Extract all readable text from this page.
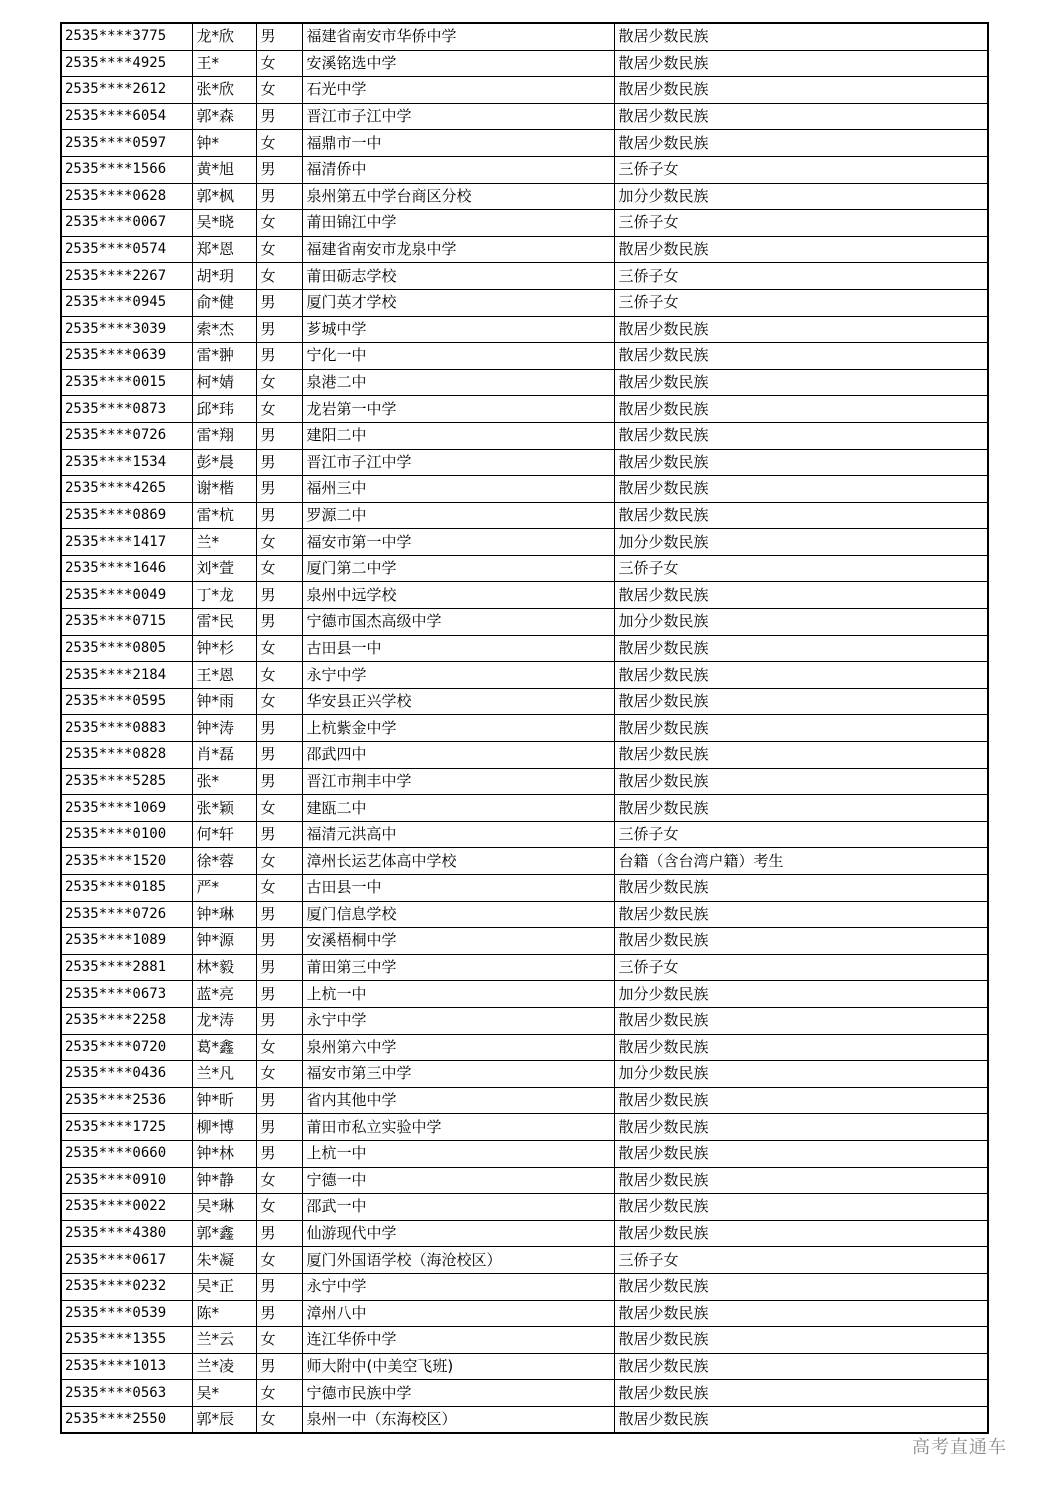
2535****3775	龙*欣	男	福建省南安市华侨中学	散居少数民族
2535****4925	王*	女	安溪铭选中学	散居少数民族
2535****2612	张*欣	女	石光中学	散居少数民族
2535****6054	郭*森	男	晋江市子江中学	散居少数民族
2535****0597	钟*	女	福鼎市一中	散居少数民族
2535****1566	黄*旭	男	福清侨中	三侨子女
2535****0628	郭*枫	男	泉州第五中学台商区分校	加分少数民族
2535****0067	吴*晓	女	莆田锦江中学	三侨子女
2535****0574	郑*恩	女	福建省南安市龙泉中学	散居少数民族
2535****2267	胡*玥	女	莆田砺志学校	三侨子女
2535****0945	俞*健	男	厦门英才学校	三侨子女
2535****3039	索*杰	男	芗城中学	散居少数民族
2535****0639	雷*翀	男	宁化一中	散居少数民族
2535****0015	柯*婧	女	泉港二中	散居少数民族
2535****0873	邱*玮	女	龙岩第一中学	散居少数民族
2535****0726	雷*翔	男	建阳二中	散居少数民族
2535****1534	彭*晨	男	晋江市子江中学	散居少数民族
2535****4265	谢*楷	男	福州三中	散居少数民族
2535****0869	雷*杭	男	罗源二中	散居少数民族
2535****1417	兰*	女	福安市第一中学	加分少数民族
2535****1646	刘*萱	女	厦门第二中学	三侨子女
2535****0049	丁*龙	男	泉州中远学校	散居少数民族
2535****0715	雷*民	男	宁德市国杰高级中学	加分少数民族
2535****0805	钟*杉	女	古田县一中	散居少数民族
2535****2184	王*恩	女	永宁中学	散居少数民族
2535****0595	钟*雨	女	华安县正兴学校	散居少数民族
2535****0883	钟*涛	男	上杭紫金中学	散居少数民族
2535****0828	肖*磊	男	邵武四中	散居少数民族
2535****5285	张*	男	晋江市荆丰中学	散居少数民族
2535****1069	张*颖	女	建瓯二中	散居少数民族
2535****0100	何*轩	男	福清元洪高中	三侨子女
2535****1520	徐*蓉	女	漳州长运艺体高中学校	台籍（含台湾户籍）考生
2535****0185	严*	女	古田县一中	散居少数民族
2535****0726	钟*琳	男	厦门信息学校	散居少数民族
2535****1089	钟*源	男	安溪梧桐中学	散居少数民族
2535****2881	林*毅	男	莆田第三中学	三侨子女
2535****0673	蓝*亮	男	上杭一中	加分少数民族
2535****2258	龙*涛	男	永宁中学	散居少数民族
2535****0720	葛*鑫	女	泉州第六中学	散居少数民族
2535****0436	兰*凡	女	福安市第三中学	加分少数民族
2535****2536	钟*昕	男	省内其他中学	散居少数民族
2535****1725	柳*博	男	莆田市私立实验中学	散居少数民族
2535****0660	钟*林	男	上杭一中	散居少数民族
2535****0910	钟*静	女	宁德一中	散居少数民族
2535****0022	吴*琳	女	邵武一中	散居少数民族
2535****4380	郭*鑫	男	仙游现代中学	散居少数民族
2535****0617	朱*凝	女	厦门外国语学校（海沧校区）	三侨子女
2535****0232	吴*正	男	永宁中学	散居少数民族
2535****0539	陈*	男	漳州八中	散居少数民族
2535****1355	兰*云	女	连江华侨中学	散居少数民族
2535****1013	兰*凌	男	师大附中(中美空飞班)	散居少数民族
2535****0563	吴*	女	宁德市民族中学	散居少数民族
2535****2550	郭*辰	女	泉州一中（东海校区）	散居少数民族
高考直通车
